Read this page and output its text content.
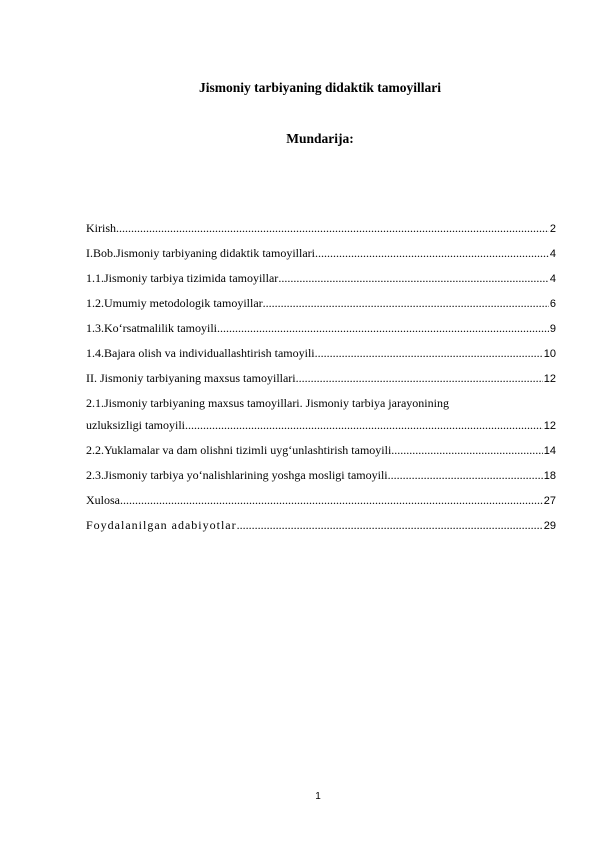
Jismoniy tarbiyaning didaktik tamoyillari
Mundarija:
Kirish .....	2
I.Bob.Jismoniy tarbiyaning didaktik tamoyillari .....	4
1.1.Jismoniy tarbiya tizimida tamoyillar .....	4
1.2.Umumiy metodologik tamoyillar .....	6
1.3.Ko‘rsatmalilik tamoyili .....	9
1.4.Bajara olish va individuallashtirish tamoyili .....	10
II. Jismoniy tarbiyaning maxsus tamoyillari .....	12
2.1.Jismoniy tarbiyaning maxsus tamoyillari. Jismoniy tarbiya jarayonining
uzluksizligi tamoyili .....	12
2.2.Yuklamalar va dam olishni tizimli uyg‘unlashtirish tamoyili .....	14
2.3.Jismoniy tarbiya yo‘nalishlarining yoshga mosligi tamoyili .....	18
Xulosa .....	27
Foydalanilgan adabiyotlar .....	29
1
